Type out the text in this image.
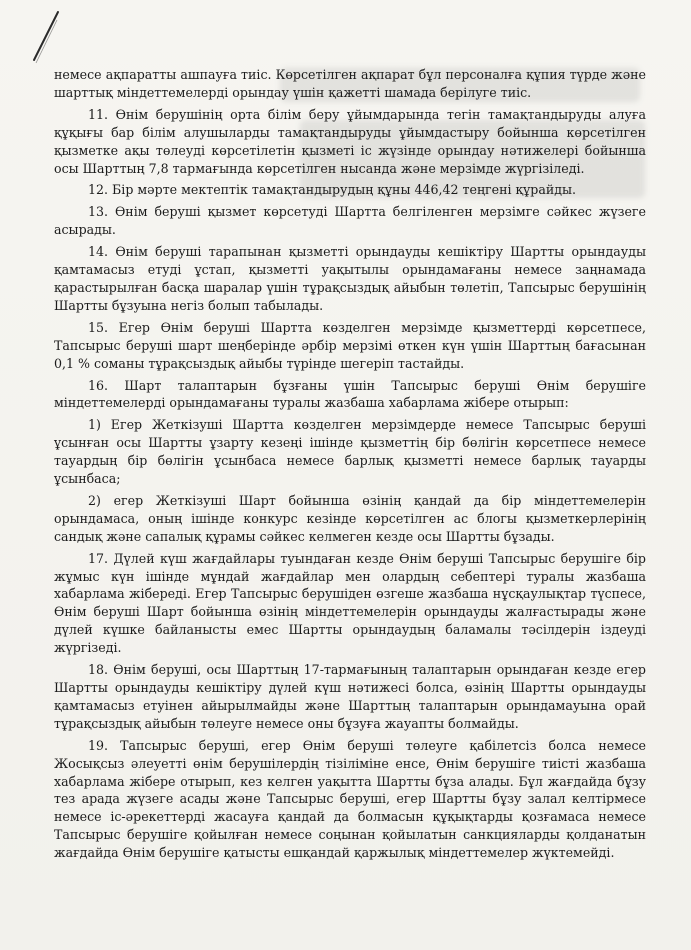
немесе ақпаратты ашпауға тиіс. Көрсетілген ақпарат бұл персоналға құпия түрде және шарттық міндеттемелерді орындау үшін қажетті шамада берілуге тиіс.

11. Өнім берушінің орта білім беру ұйымдарында тегін тамақтандыруды алуға құқығы бар білім алушыларды тамақтандыруды ұйымдастыру бойынша көрсетілген қызметке ақы төлеуді көрсетілетін қызметі іс жүзінде орындау нәтижелері бойынша осы Шарттың 7,8 тармағында көрсетілген нысанда және мерзімде жүргізіледі.

12. Бір мәрте мектептік тамақтандырудың құны 446,42 теңгені құрайды.

13. Өнім беруші қызмет көрсетуді Шартта белгіленген мерзімге сәйкес жүзеге асырады.

14. Өнім беруші тарапынан қызметті орындауды кешіктіру Шартты орындауды қамтамасыз етуді ұстап, қызметті уақытылы орындамағаны немесе заңнамада қарастырылған басқа шаралар үшін тұрақсыздық айыбын төлетіп, Тапсырыс берушінің Шартты бұзуына негіз болып табылады.

15. Егер Өнім беруші Шартта көзделген мерзімде қызметтерді көрсетпесе, Тапсырыс беруші шарт шеңберінде әрбір мерзімі өткен күн үшін Шарттың бағасынан 0,1 % соманы тұрақсыздық айыбы түрінде шегеріп тастайды.

16. Шарт талаптарын бұзғаны үшін Тапсырыс беруші Өнім берушіге міндеттемелерді орындамағаны туралы жазбаша хабарлама жібере отырып:

1) Егер Жеткізуші Шартта көзделген мерзімдерде немесе Тапсырыс беруші ұсынған осы Шартты ұзарту кезеңі ішінде қызметтің бір бөлігін көрсетпесе немесе тауардың бір бөлігін ұсынбаса немесе барлық қызметті немесе барлық тауарды ұсынбаса;

2) егер Жеткізуші Шарт бойынша өзінің қандай да бір міндеттемелерін орындамаса, оның ішінде конкурс кезінде көрсетілген ас блогы қызметкерлерінің сандық және сапалық құрамы сәйкес келмеген кезде осы Шартты бұзады.

17. Дүлей күш жағдайлары туындаған кезде Өнім беруші Тапсырыс берушіге бір жұмыс күн ішінде мұндай жағдайлар мен олардың себептері туралы жазбаша хабарлама жібереді. Егер Тапсырыс берушіден өзгеше жазбаша нұсқаулықтар түспесе, Өнім беруші Шарт бойынша өзінің міндеттемелерін орындауды жалғастырады және дүлей күшке байланысты емес Шартты орындаудың баламалы тәсілдерін іздеуді жүргізеді.

18. Өнім беруші, осы Шарттың 17-тармағының талаптарын орындаған кезде егер Шартты орындауды кешіктіру дүлей күш нәтижесі болса, өзінің Шартты орындауды қамтамасыз етуінен айырылмайды және Шарттың талаптарын орындамауына орай тұрақсыздық айыбын төлеуге немесе оны бұзуға жауапты болмайды.

19. Тапсырыс беруші, егер Өнім беруші төлеуге қабілетсіз болса немесе Жосықсыз әлеуетті өнім берушілердің тізіліміне енсе, Өнім берушіге тиісті жазбаша хабарлама жібере отырып, кез келген уақытта Шартты бұза алады. Бұл жағдайда бұзу тез арада жүзеге асады және Тапсырыс беруші, егер Шартты бұзу залал келтірмесе немесе іс-әрекеттерді жасауға қандай да болмасын құқықтарды қозғамаса немесе Тапсырыс берушіге қойылған немесе соңынан қойылатын санкцияларды қолданатын жағдайда Өнім берушіге қатысты ешқандай қаржылық міндеттемелер жүктемейді.
